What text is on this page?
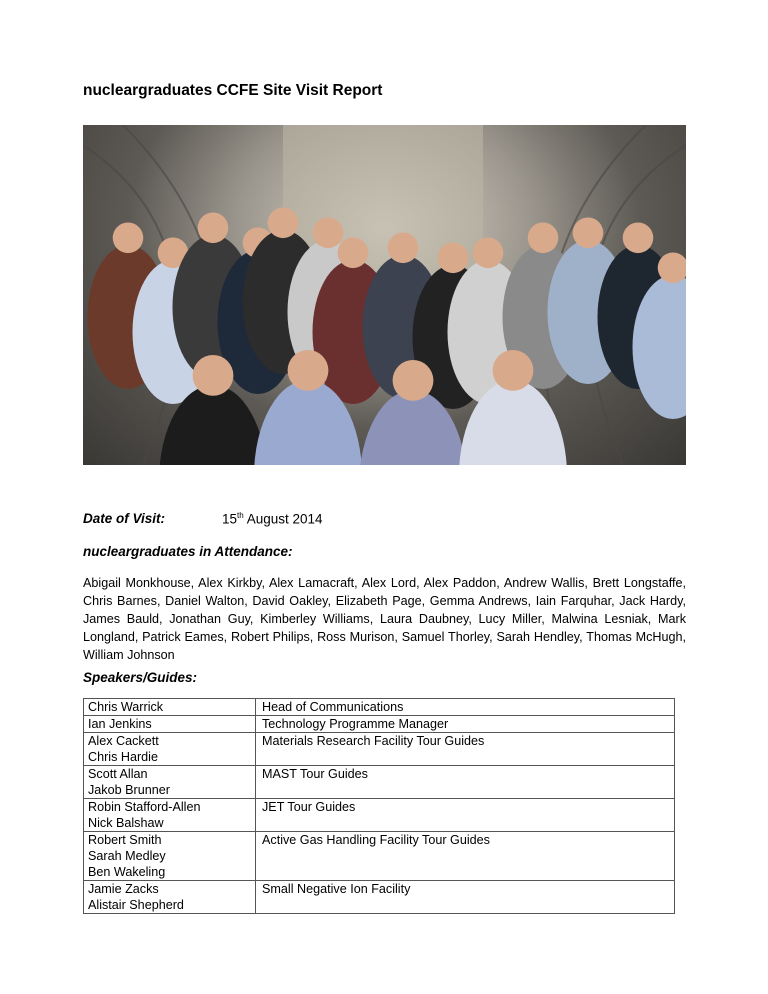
nucleargraduates CCFE Site Visit Report
Date of Visit:	15th August 2014
nucleargraduates in Attendance:
Abigail Monkhouse, Alex Kirkby, Alex Lamacraft, Alex Lord, Alex Paddon, Andrew Wallis, Brett Longstaffe, Chris Barnes, Daniel Walton, David Oakley, Elizabeth Page, Gemma Andrews, Iain Farquhar, Jack Hardy, James Bauld, Jonathan Guy, Kimberley Williams, Laura Daubney, Lucy Miller, Malwina Lesniak, Mark Longland, Patrick Eames, Robert Philips, Ross Murison, Samuel Thorley, Sarah Hendley, Thomas McHugh, William Johnson
Speakers/Guides:
Chris Warrick	Head of Communications

Ian Jenkins	Technology Programme Manager

Alex Cackett
Chris Hardie	Materials Research Facility Tour Guides

Scott Allan
Jakob Brunner	MAST Tour Guides

Robin Stafford-Allen
Nick Balshaw	JET Tour Guides

Robert Smith
Sarah Medley
Ben Wakeling	Active Gas Handling Facility Tour Guides

Jamie Zacks
Alistair Shepherd	Small Negative Ion Facility
